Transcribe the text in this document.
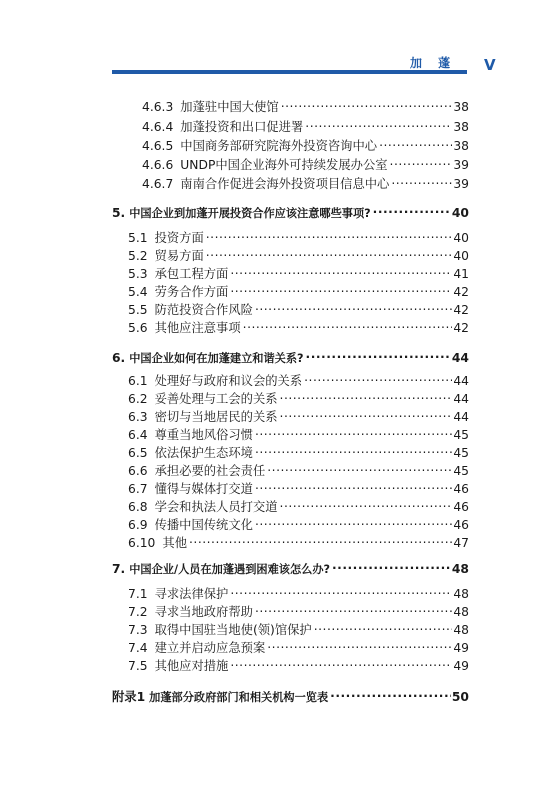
加 蓬 V
4.6.3 加蓬驻中国大使馆 .....	38
4.6.4 加蓬投资和出口促进署 .....	38
4.6.5 中国商务部研究院海外投资咨询中心 .....	38
4.6.6 UNDP中国企业海外可持续发展办公室 .....	39
4.6.7 南南合作促进会海外投资项目信息中心 .....	39
5. 中国企业到加蓬开展投资合作应该注意哪些事项? .....	40
5.1 投资方面 .....	40
5.2 贸易方面 .....	40
5.3 承包工程方面 .....	41
5.4 劳务合作方面 .....	42
5.5 防范投资合作风险 .....	42
5.6 其他应注意事项 .....	42
6. 中国企业如何在加蓬建立和谐关系? .....	44
6.1 处理好与政府和议会的关系 .....	44
6.2 妥善处理与工会的关系 .....	44
6.3 密切与当地居民的关系 .....	44
6.4 尊重当地风俗习惯 .....	45
6.5 依法保护生态环境 .....	45
6.6 承担必要的社会责任 .....	45
6.7 懂得与媒体打交道 .....	46
6.8 学会和执法人员打交道 .....	46
6.9 传播中国传统文化 .....	46
6.10 其他 .....	47
7. 中国企业/人员在加蓬遇到困难该怎么办? .....	48
7.1 寻求法律保护 .....	48
7.2 寻求当地政府帮助 .....	48
7.3 取得中国驻当地使(领)馆保护 .....	48
7.4 建立并启动应急预案 .....	49
7.5 其他应对措施 .....	49
附录1 加蓬部分政府部门和相关机构一览表 .....	50
